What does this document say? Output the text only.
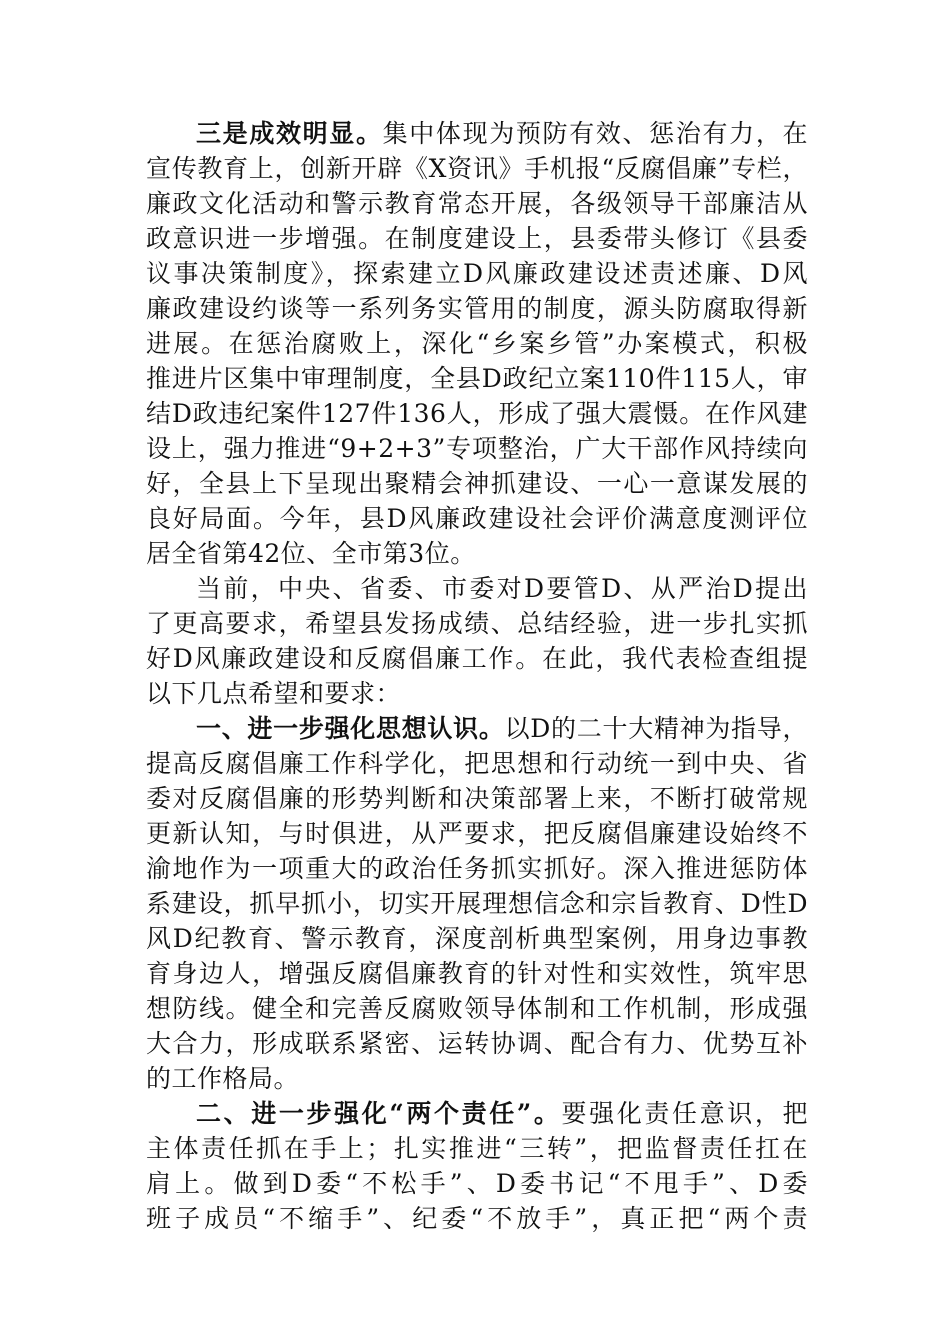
三是成效明显。集中体现为预防有效、惩治有力，在

宣传教育上，创新开辟《X资讯》手机报“反腐倡廉”专栏，

廉政文化活动和警示教育常态开展，各级领导干部廉洁从

政意识进一步增强。在制度建设上，县委带头修订《县委

议事决策制度》，探索建立D风廉政建设述责述廉、D风

廉政建设约谈等一系列务实管用的制度，源头防腐取得新

进展。在惩治腐败上，深化“乡案乡管”办案模式，积极

推进片区集中审理制度，全县D政纪立案110件115人，审

结D政违纪案件127件136人，形成了强大震慑。在作风建

设上，强力推进“9+2+3”专项整治，广大干部作风持续向

好，全县上下呈现出聚精会神抓建设、一心一意谋发展的

良好局面。今年，县D风廉政建设社会评价满意度测评位

居全省第42位、全市第3位。

当前，中央、省委、市委对D要管D、从严治D提出

了更高要求，希望县发扬成绩、总结经验，进一步扎实抓

好D风廉政建设和反腐倡廉工作。在此，我代表检查组提

以下几点希望和要求：

一、进一步强化思想认识。以D的二十大精神为指导，

提高反腐倡廉工作科学化，把思想和行动统一到中央、省

委对反腐倡廉的形势判断和决策部署上来，不断打破常规

更新认知，与时俱进，从严要求，把反腐倡廉建设始终不

渝地作为一项重大的政治任务抓实抓好。深入推进惩防体

系建设，抓早抓小，切实开展理想信念和宗旨教育、D性D

风D纪教育、警示教育，深度剖析典型案例，用身边事教

育身边人，增强反腐倡廉教育的针对性和实效性，筑牢思

想防线。健全和完善反腐败领导体制和工作机制，形成强

大合力，形成联系紧密、运转协调、配合有力、优势互补

的工作格局。

二、进一步强化“两个责任”。要强化责任意识，把

主体责任抓在手上；扎实推进“三转”，把监督责任扛在

肩上。做到D委“不松手”、D委书记“不甩手”、D委

班子成员“不缩手”、纪委“不放手”，真正把“两个责
